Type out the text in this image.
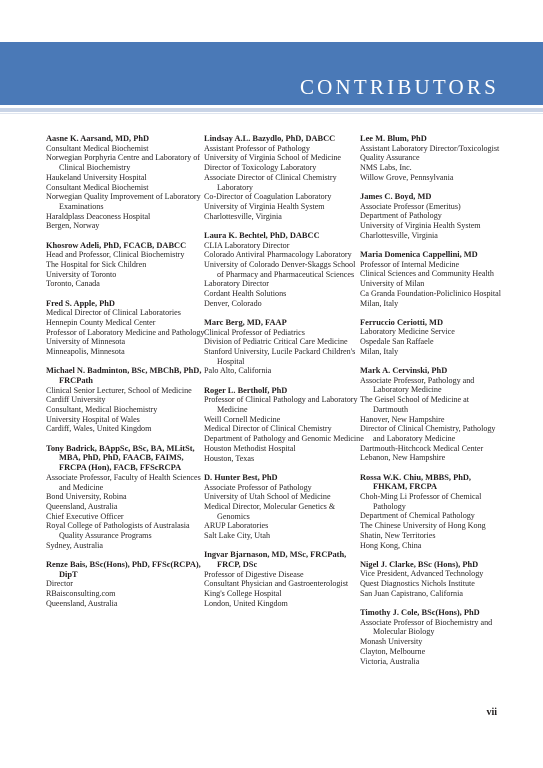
CONTRIBUTORS
Aasne K. Aarsand, MD, PhD
Consultant Medical Biochemist
Norwegian Porphyria Centre and Laboratory of Clinical Biochemistry
Haukeland University Hospital
Consultant Medical Biochemist
Norwegian Quality Improvement of Laboratory Examinations
Haraldplass Deaconess Hospital
Bergen, Norway
Khosrow Adeli, PhD, FCACB, DABCC
Head and Professor, Clinical Biochemistry
The Hospital for Sick Children
University of Toronto
Toronto, Canada
Fred S. Apple, PhD
Medical Director of Clinical Laboratories
Hennepin County Medical Center
Professor of Laboratory Medicine and Pathology
University of Minnesota
Minneapolis, Minnesota
Michael N. Badminton, BSc, MBChB, PhD, FRCPath
Clinical Senior Lecturer, School of Medicine
Cardiff University
Consultant, Medical Biochemistry
University Hospital of Wales
Cardiff, Wales, United Kingdom
Tony Badrick, BAppSc, BSc, BA, MLitSt, MBA, PhD, PhD, FAACB, FAIMS, FRCPA (Hon), FACB, FFScRCPA
Associate Professor, Faculty of Health Sciences and Medicine
Bond University, Robina
Queensland, Australia
Chief Executive Officer
Royal College of Pathologists of Australasia Quality Assurance Programs
Sydney, Australia
Renze Bais, BSc(Hons), PhD, FFSc(RCPA), DipT
Director
RBaisconsulting.com
Queensland, Australia
Lindsay A.L. Bazydlo, PhD, DABCC
Assistant Professor of Pathology
University of Virginia School of Medicine
Director of Toxicology Laboratory
Associate Director of Clinical Chemistry Laboratory
Co-Director of Coagulation Laboratory
University of Virginia Health System
Charlottesville, Virginia
Laura K. Bechtel, PhD, DABCC
CLIA Laboratory Director
Colorado Antiviral Pharmacology Laboratory
University of Colorado Denver-Skaggs School of Pharmacy and Pharmaceutical Sciences
Laboratory Director
Cordant Health Solutions
Denver, Colorado
Marc Berg, MD, FAAP
Clinical Professor of Pediatrics
Division of Pediatric Critical Care Medicine
Stanford University, Lucile Packard Children's Hospital
Palo Alto, California
Roger L. Bertholf, PhD
Professor of Clinical Pathology and Laboratory Medicine
Weill Cornell Medicine
Medical Director of Clinical Chemistry
Department of Pathology and Genomic Medicine
Houston Methodist Hospital
Houston, Texas
D. Hunter Best, PhD
Associate Professor of Pathology
University of Utah School of Medicine
Medical Director, Molecular Genetics & Genomics
ARUP Laboratories
Salt Lake City, Utah
Ingvar Bjarnason, MD, MSc, FRCPath, FRCP, DSc
Professor of Digestive Disease
Consultant Physician and Gastroenterologist
King's College Hospital
London, United Kingdom
Lee M. Blum, PhD
Assistant Laboratory Director/Toxicologist
Quality Assurance
NMS Labs, Inc.
Willow Grove, Pennsylvania
James C. Boyd, MD
Associate Professor (Emeritus)
Department of Pathology
University of Virginia Health System
Charlottesville, Virginia
Maria Domenica Cappellini, MD
Professor of Internal Medicine
Clinical Sciences and Community Health
University of Milan
Ca Granda Foundation-Policlinico Hospital
Milan, Italy
Ferruccio Ceriotti, MD
Laboratory Medicine Service
Ospedale San Raffaele
Milan, Italy
Mark A. Cervinski, PhD
Associate Professor, Pathology and Laboratory Medicine
The Geisel School of Medicine at Dartmouth
Hanover, New Hampshire
Director of Clinical Chemistry, Pathology and Laboratory Medicine
Dartmouth-Hitchcock Medical Center
Lebanon, New Hampshire
Rossa W.K. Chiu, MBBS, PhD, FHKAM, FRCPA
Choh-Ming Li Professor of Chemical Pathology
Department of Chemical Pathology
The Chinese University of Hong Kong
Shatin, New Territories
Hong Kong, China
Nigel J. Clarke, BSc (Hons), PhD
Vice President, Advanced Technology
Quest Diagnostics Nichols Institute
San Juan Capistrano, California
Timothy J. Cole, BSc(Hons), PhD
Associate Professor of Biochemistry and Molecular Biology
Monash University
Clayton, Melbourne
Victoria, Australia
vii
